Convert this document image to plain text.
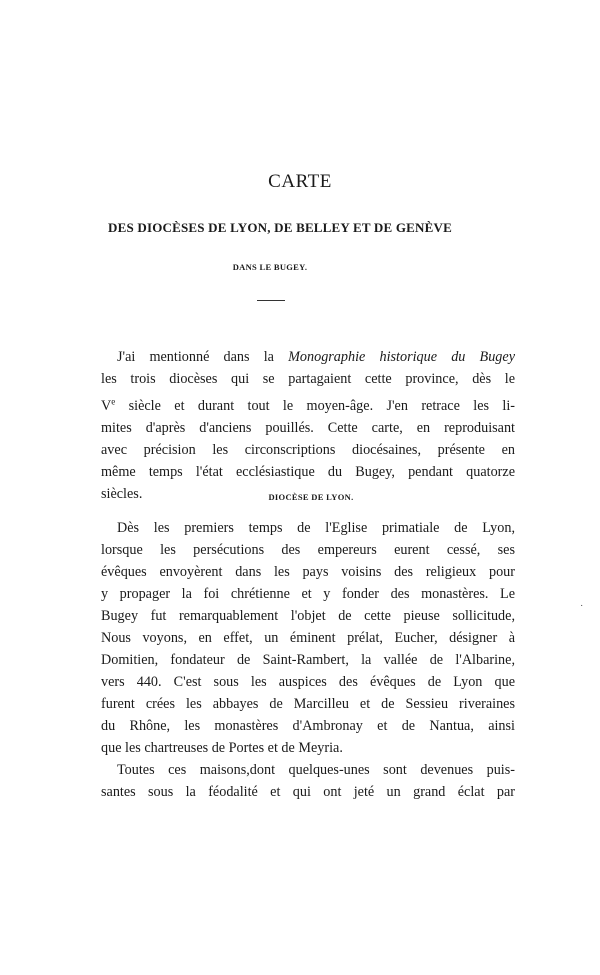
CARTE
DES DIOCÈSES DE LYON, DE BELLEY ET DE GENÈVE
DANS LE BUGEY.
J'ai mentionné dans la Monographie historique du Bugey
les trois diocèses qui se partagaient cette province, dès le
Ve siècle et durant tout le moyen-âge. J'en retrace les li-
mites d'après d'anciens pouillés. Cette carte, en reproduisant
avec précision les circonscriptions diocésaines, présente en
même temps l'état ecclésiastique du Bugey, pendant quatorze
siècles.	DIOCÈSE DE LYON.
Dès les premiers temps de l'Eglise primatiale de Lyon,
lorsque les persécutions des empereurs eurent cessé, ses
évêques envoyèrent dans les pays voisins des religieux pour
y propager la foi chrétienne et y fonder des monastères. Le
Bugey fut remarquablement l'objet de cette pieuse sollicitude,
Nous voyons, en effet, un éminent prélat, Eucher, désigner à
Domitien, fondateur de Saint-Rambert, la vallée de l'Albarine,
vers 440. C'est sous les auspices des évêques de Lyon que
furent crées les abbayes de Marcilleu et de Sessieu riveraines
du Rhône, les monastères d'Ambronay et de Nantua, ainsi
que les chartreuses de Portes et de Meyria.
Toutes ces maisons,dont quelques-unes sont devenues puis-
santes sous la féodalité et qui ont jeté un grand éclat par
˙
